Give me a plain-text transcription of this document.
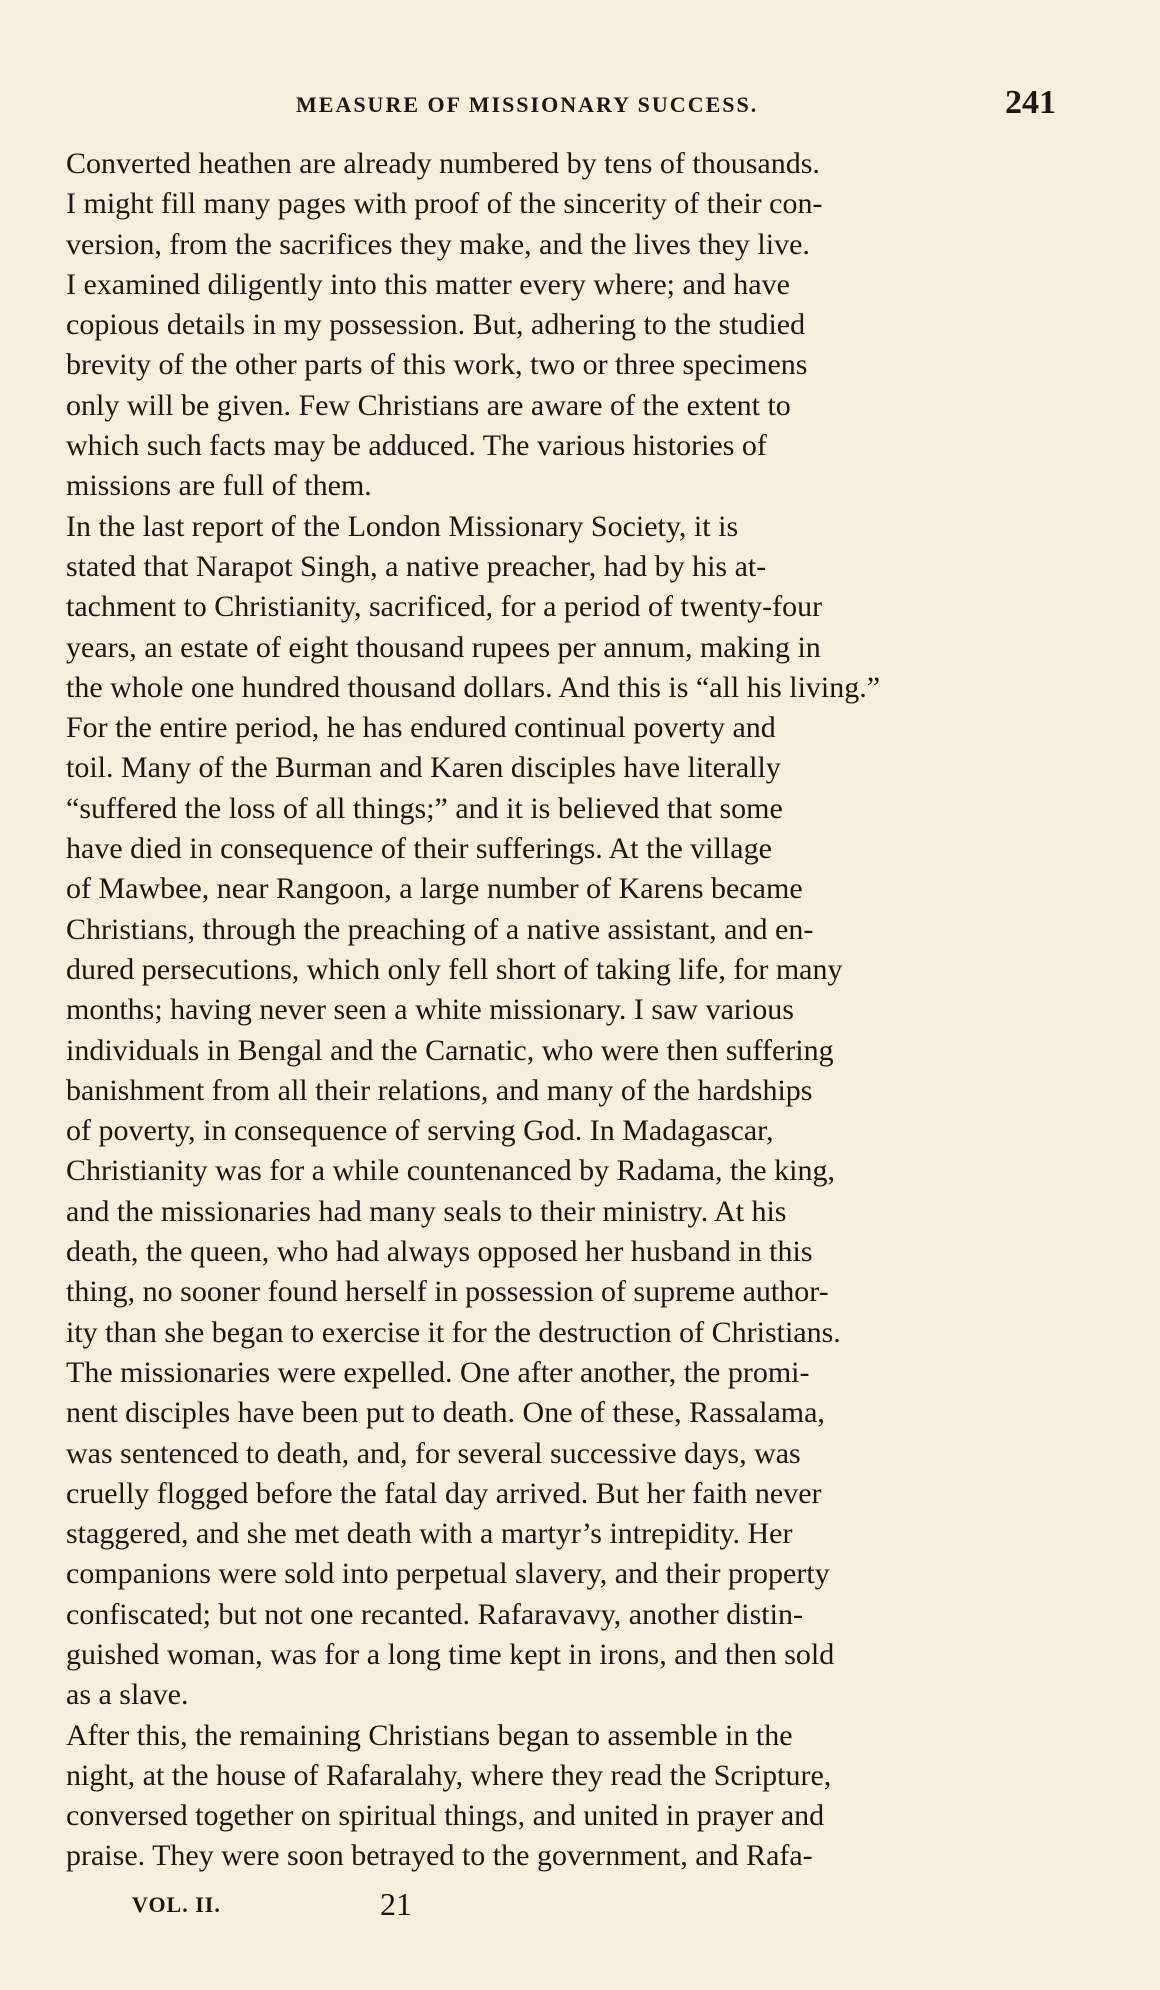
MEASURE OF MISSIONARY SUCCESS.	241
Converted heathen are already numbered by tens of thousands.
I might fill many pages with proof of the sincerity of their con-
version, from the sacrifices they make, and the lives they live.
I examined diligently into this matter every where; and have
copious details in my possession. But, adhering to the studied
brevity of the other parts of this work, two or three specimens
only will be given. Few Christians are aware of the extent to
which such facts may be adduced. The various histories of
missions are full of them.
In the last report of the London Missionary Society, it is
stated that Narapot Singh, a native preacher, had by his at-
tachment to Christianity, sacrificed, for a period of twenty-four
years, an estate of eight thousand rupees per annum, making in
the whole one hundred thousand dollars. And this is “all his living.”
For the entire period, he has endured continual poverty and
toil. Many of the Burman and Karen disciples have literally
“suffered the loss of all things;” and it is believed that some
have died in consequence of their sufferings. At the village
of Mawbee, near Rangoon, a large number of Karens became
Christians, through the preaching of a native assistant, and en-
dured persecutions, which only fell short of taking life, for many
months; having never seen a white missionary. I saw various
individuals in Bengal and the Carnatic, who were then suffering
banishment from all their relations, and many of the hardships
of poverty, in consequence of serving God. In Madagascar,
Christianity was for a while countenanced by Radama, the king,
and the missionaries had many seals to their ministry. At his
death, the queen, who had always opposed her husband in this
thing, no sooner found herself in possession of supreme author-
ity than she began to exercise it for the destruction of Christians.
The missionaries were expelled. One after another, the promi-
nent disciples have been put to death. One of these, Rassalama,
was sentenced to death, and, for several successive days, was
cruelly flogged before the fatal day arrived. But her faith never
staggered, and she met death with a martyr’s intrepidity. Her
companions were sold into perpetual slavery, and their property
confiscated; but not one recanted. Rafaravavy, another distin-
guished woman, was for a long time kept in irons, and then sold
as a slave.
After this, the remaining Christians began to assemble in the
night, at the house of Rafaralahy, where they read the Scripture,
conversed together on spiritual things, and united in prayer and
praise. They were soon betrayed to the government, and Rafa-
VOL. II.	21
